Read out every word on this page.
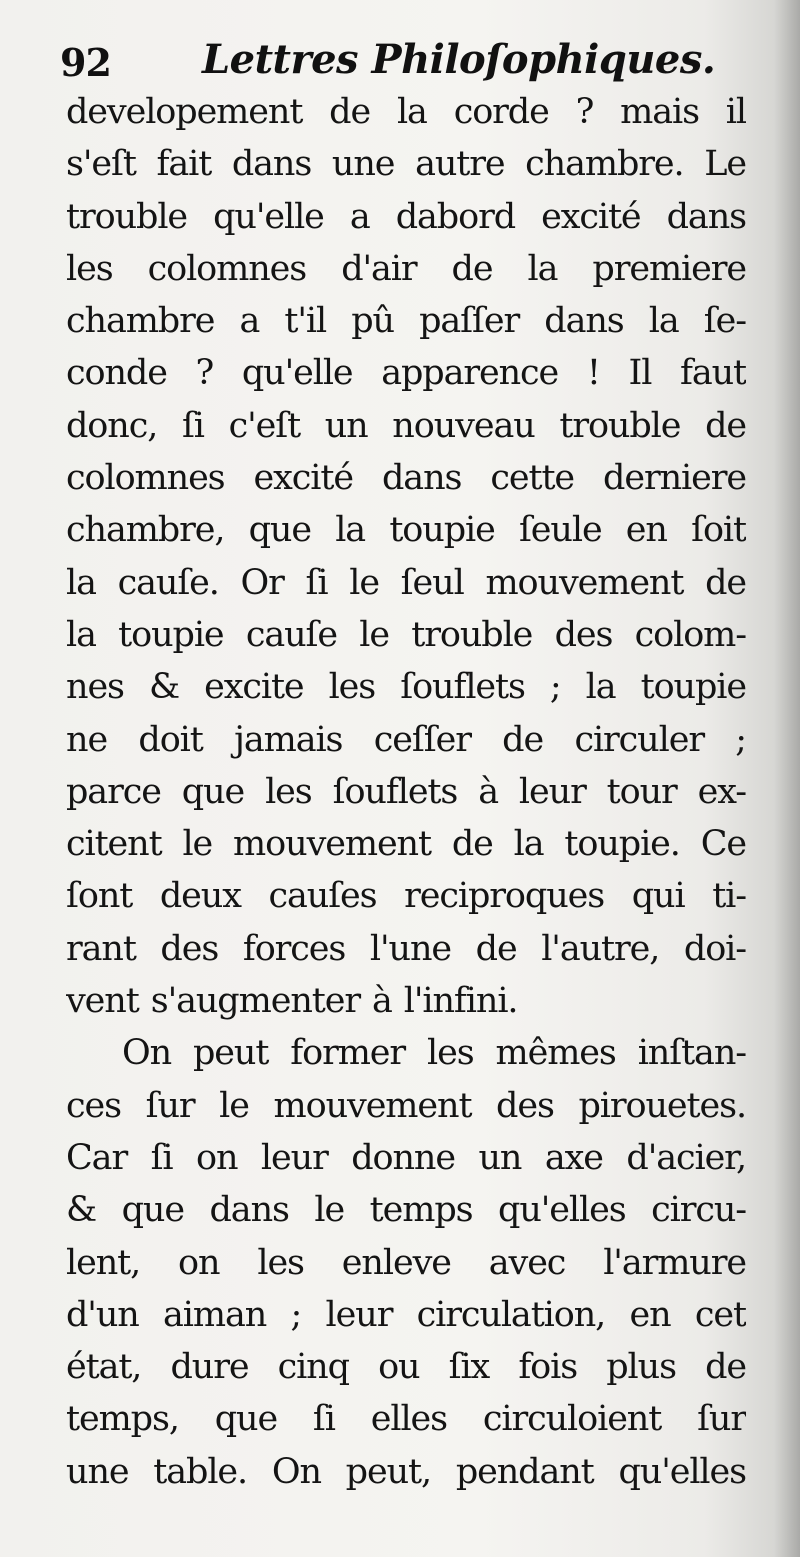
92 Lettres Philoſophiques.
developement de la corde ? mais il
s'eſt fait dans une autre chambre. Le
trouble qu'elle a dabord excité dans
les colomnes d'air de la premiere
chambre a t'il pû paſſer dans la ſe-
conde ? qu'elle apparence ! Il faut
donc, ſi c'eſt un nouveau trouble de
colomnes excité dans cette derniere
chambre, que la toupie ſeule en ſoit
la cauſe. Or ſi le ſeul mouvement de
la toupie cauſe le trouble des colom-
nes & excite les ſouflets ; la toupie
ne doit jamais ceſſer de circuler ;
parce que les ſouflets à leur tour ex-
citent le mouvement de la toupie. Ce
ſont deux cauſes reciproques qui ti-
rant des forces l'une de l'autre, doi-
vent s'augmenter à l'infini.
On peut former les mêmes inſtan-
ces ſur le mouvement des pirouetes.
Car ſi on leur donne un axe d'acier,
& que dans le temps qu'elles circu-
lent, on les enleve avec l'armure
d'un aiman ; leur circulation, en cet
état, dure cinq ou ſix fois plus de
temps, que ſi elles circuloient ſur
une table. On peut, pendant qu'elles
